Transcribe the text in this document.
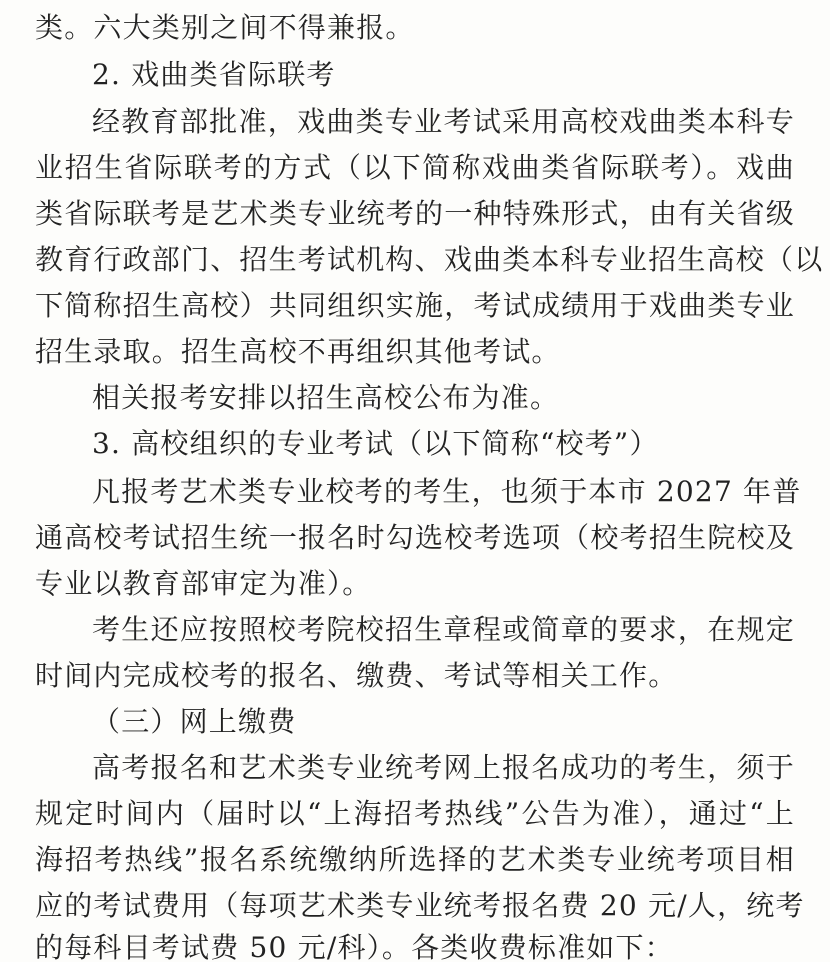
类。六大类别之间不得兼报。
2. 戏曲类省际联考
经教育部批准，戏曲类专业考试采用高校戏曲类本科专
业招生省际联考的方式（以下简称戏曲类省际联考）。戏曲
类省际联考是艺术类专业统考的一种特殊形式，由有关省级
教育行政部门、招生考试机构、戏曲类本科专业招生高校（以
下简称招生高校）共同组织实施，考试成绩用于戏曲类专业
招生录取。招生高校不再组织其他考试。
相关报考安排以招生高校公布为准。
3. 高校组织的专业考试（以下简称“校考”）
凡报考艺术类专业校考的考生，也须于本市 2027 年普
通高校考试招生统一报名时勾选校考选项（校考招生院校及
专业以教育部审定为准）。
考生还应按照校考院校招生章程或简章的要求，在规定
时间内完成校考的报名、缴费、考试等相关工作。
（三）网上缴费
高考报名和艺术类专业统考网上报名成功的考生，须于
规定时间内（届时以“上海招考热线”公告为准），通过“上
海招考热线”报名系统缴纳所选择的艺术类专业统考项目相
应的考试费用（每项艺术类专业统考报名费 20 元/人，统考
的每科目考试费 50 元/科）。各类收费标准如下：
